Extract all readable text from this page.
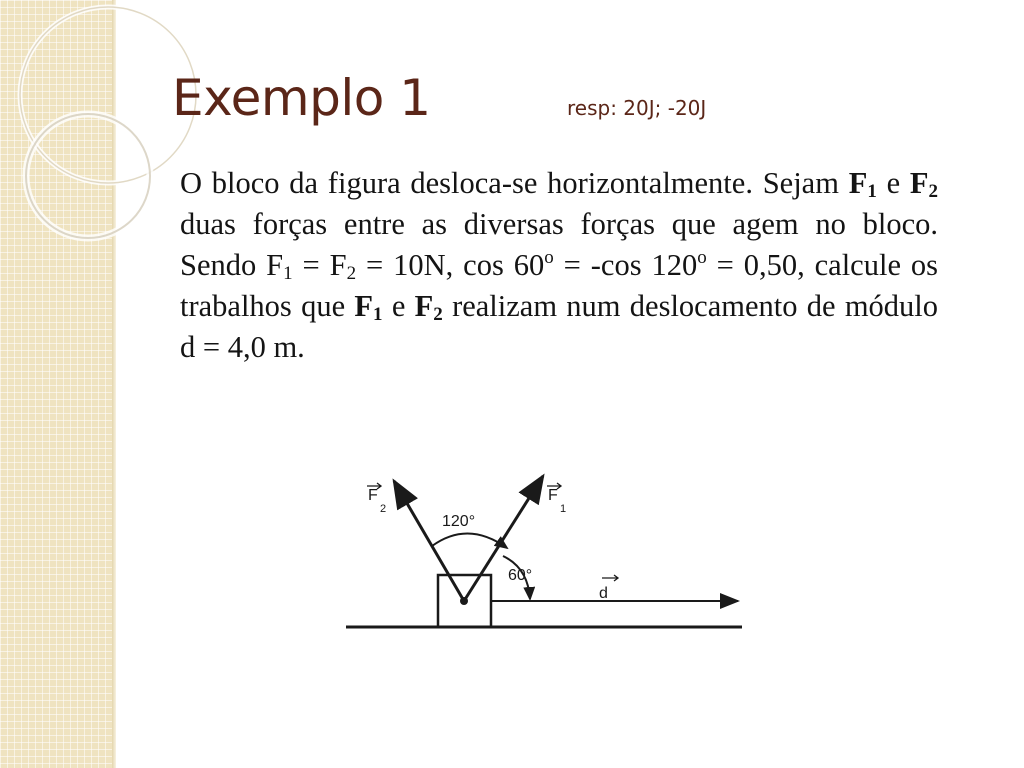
Exemplo 1	resp: 20J; -20J
O bloco da figura desloca-se horizontalmente. Sejam $F_1$ e $F_2$ duas forças entre as diversas forças que agem no bloco. Sendo $F_1 = F_2 = 10N$, $\cos 60^o = -\cos$ $120^o = 0,50$, calcule os trabalhos que $F_1$ e $F_2$ realizam num deslocamento de módulo d = 4,0 m.
F
2
F
1
120°
60°
d
